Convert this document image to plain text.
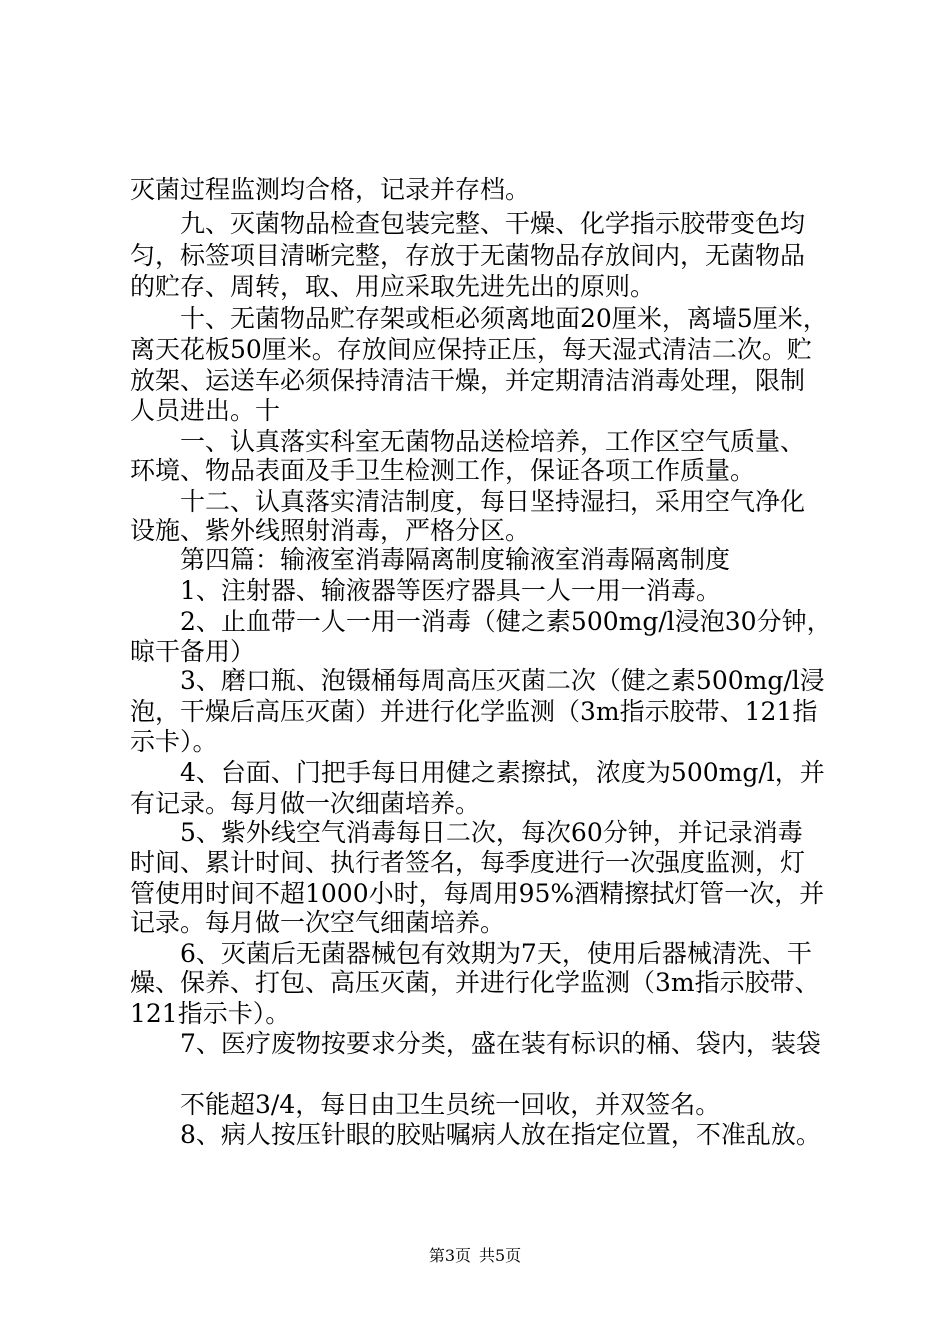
灭菌过程监测均合格，记录并存档。
九、灭菌物品检查包装完整、干燥、化学指示胶带变色均
匀，标签项目清晰完整，存放于无菌物品存放间内，无菌物品
的贮存、周转，取、用应采取先进先出的原则。
十、无菌物品贮存架或柜必须离地面20厘米，离墙5厘米，
离天花板50厘米。存放间应保持正压，每天湿式清洁二次。贮
放架、运送车必须保持清洁干燥，并定期清洁消毒处理，限制
人员进出。十
一、认真落实科室无菌物品送检培养，工作区空气质量、
环境、物品表面及手卫生检测工作，保证各项工作质量。
十二、认真落实清洁制度，每日坚持湿扫，采用空气净化
设施、紫外线照射消毒，严格分区。
第四篇：输液室消毒隔离制度输液室消毒隔离制度
1、注射器、输液器等医疗器具一人一用一消毒。
2、止血带一人一用一消毒（健之素500mg/l浸泡30分钟，
晾干备用）
3、磨口瓶、泡镊桶每周高压灭菌二次（健之素500mg/l浸
泡，干燥后高压灭菌）并进行化学监测（3m指示胶带、121指
示卡）。
4、台面、门把手每日用健之素擦拭，浓度为500mg/l，并
有记录。每月做一次细菌培养。
5、紫外线空气消毒每日二次，每次60分钟，并记录消毒
时间、累计时间、执行者签名，每季度进行一次强度监测，灯
管使用时间不超1000小时，每周用95%酒精擦拭灯管一次，并
记录。每月做一次空气细菌培养。
6、灭菌后无菌器械包有效期为7天，使用后器械清洗、干
燥、保养、打包、高压灭菌，并进行化学监测（3m指示胶带、
121指示卡）。
7、医疗废物按要求分类，盛在装有标识的桶、袋内，装袋
不能超3/4，每日由卫生员统一回收，并双签名。
8、病人按压针眼的胶贴嘱病人放在指定位置，不准乱放。
第3页 共5页
